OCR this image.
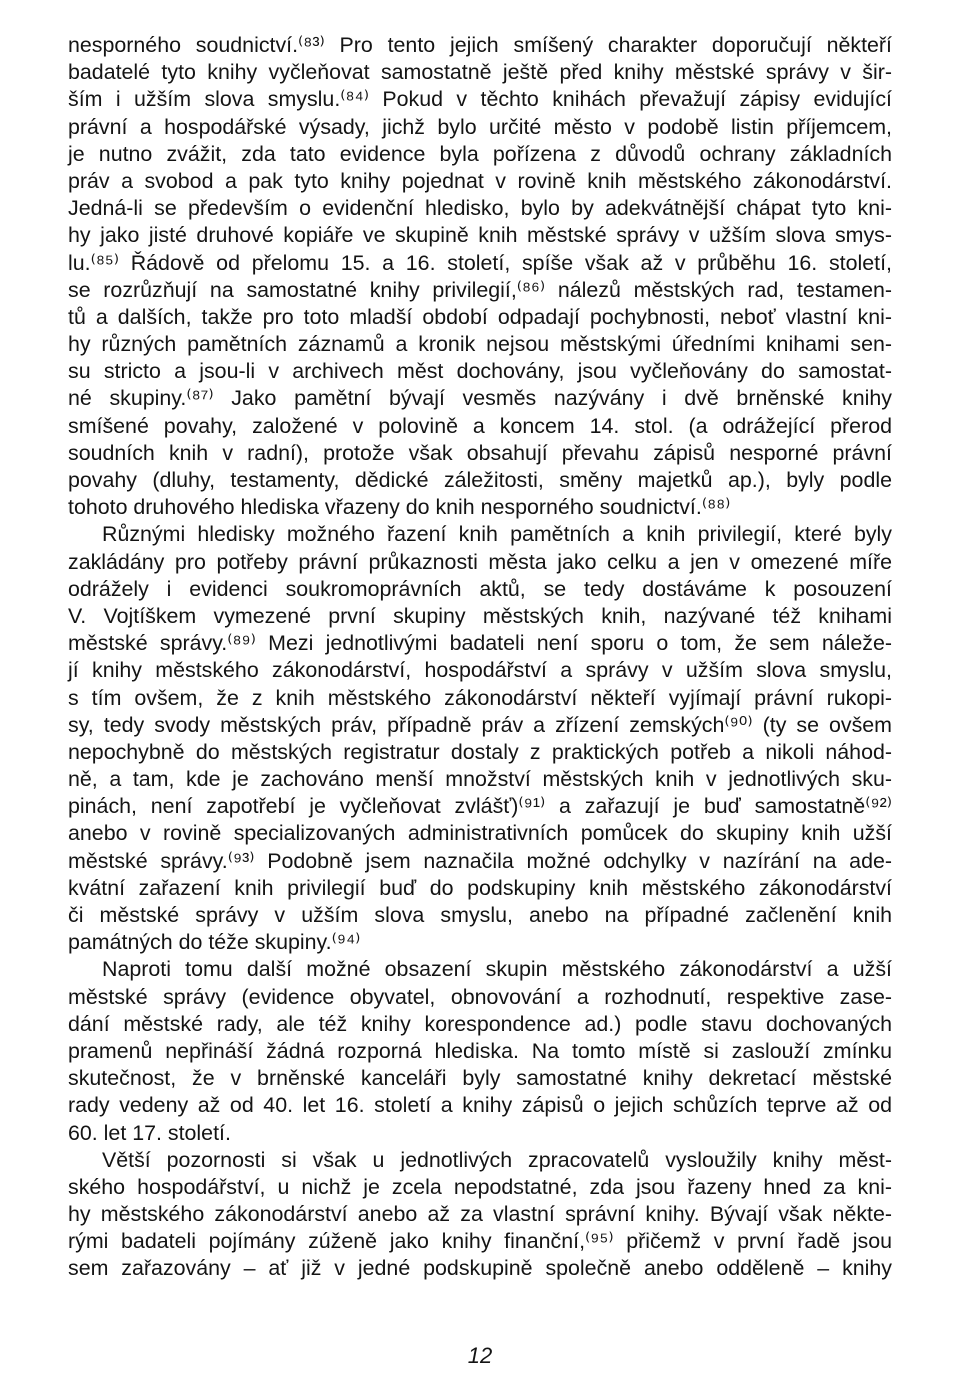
nesporného soudnictví.⁽⁸³⁾ Pro tento jejich smíšený charakter doporučují někteří
badatelé tyto knihy vyčleňovat samostatně ještě před knihy městské správy v šir-
ším i užším slova smyslu.⁽⁸⁴⁾ Pokud v těchto knihách převažují zápisy evidující
právní a hospodářské výsady, jichž bylo určité město v podobě listin příjemcem,
je nutno zvážit, zda tato evidence byla pořízena z důvodů ochrany základních
práv a svobod a pak tyto knihy pojednat v rovině knih městského zákonodárství.
Jedná-li se především o evidenční hledisko, bylo by adekvátnější chápat tyto kni-
hy jako jisté druhové kopiáře ve skupině knih městské správy v užším slova smys-
lu.⁽⁸⁵⁾ Řádově od přelomu 15. a 16. století, spíše však až v průběhu 16. století,
se rozrůzňují na samostatné knihy privilegií,⁽⁸⁶⁾ nálezů městských rad, testamen-
tů a dalších, takže pro toto mladší období odpadají pochybnosti, neboť vlastní kni-
hy různých pamětních záznamů a kronik nejsou městskými úředními knihami sen-
su stricto a jsou-li v archivech měst dochovány, jsou vyčleňovány do samostat-
né skupiny.⁽⁸⁷⁾ Jako pamětní bývají vesměs nazývány i dvě brněnské knihy
smíšené povahy, založené v polovině a koncem 14. stol. (a odrážející přerod
soudních knih v radní), protože však obsahují převahu zápisů nesporné právní
povahy (dluhy, testamenty, dědické záležitosti, směny majetků ap.), byly podle
tohoto druhového hlediska vřazeny do knih nesporného soudnictví.⁽⁸⁸⁾
Různými hledisky možného řazení knih pamětních a knih privilegií, které byly
zakládány pro potřeby právní průkaznosti města jako celku a jen v omezené míře
odrážely i evidenci soukromoprávních aktů, se tedy dostáváme k posouzení
V. Vojtíškem vymezené první skupiny městských knih, nazývané též knihami
městské správy.⁽⁸⁹⁾ Mezi jednotlivými badateli není sporu o tom, že sem náleže-
jí knihy městského zákonodárství, hospodářství a správy v užším slova smyslu,
s tím ovšem, že z knih městského zákonodárství někteří vyjímají právní rukopi-
sy, tedy svody městských práv, případně práv a zřízení zemských⁽⁹⁰⁾ (ty se ovšem
nepochybně do městských registratur dostaly z praktických potřeb a nikoli náhod-
ně, a tam, kde je zachováno menší množství městských knih v jednotlivých sku-
pinách, není zapotřebí je vyčleňovat zvlášť)⁽⁹¹⁾ a zařazují je buď samostatně⁽⁹²⁾
anebo v rovině specializovaných administrativních pomůcek do skupiny knih užší
městské správy.⁽⁹³⁾ Podobně jsem naznačila možné odchylky v nazírání na ade-
kvátní zařazení knih privilegií buď do podskupiny knih městského zákonodárství
či městské správy v užším slova smyslu, anebo na případné začlenění knih
památných do téže skupiny.⁽⁹⁴⁾
Naproti tomu další možné obsazení skupin městského zákonodárství a užší
městské správy (evidence obyvatel, obnovování a rozhodnutí, respektive zase-
dání městské rady, ale též knihy korespondence ad.) podle stavu dochovaných
pramenů nepřináší žádná rozporná hlediska. Na tomto místě si zaslouží zmínku
skutečnost, že v brněnské kanceláři byly samostatné knihy dekretací městské
rady vedeny až od 40. let 16. století a knihy zápisů o jejich schůzích teprve až od
60. let 17. století.
Větší pozornosti si však u jednotlivých zpracovatelů vysloužily knihy měst-
ského hospodářství, u nichž je zcela nepodstatné, zda jsou řazeny hned za kni-
hy městského zákonodárství anebo až za vlastní správní knihy. Bývají však někte-
rými badateli pojímány zúženě jako knihy finanční,⁽⁹⁵⁾ přičemž v první řadě jsou
sem zařazovány – ať již v jedné podskupině společně anebo odděleně – knihy
12
